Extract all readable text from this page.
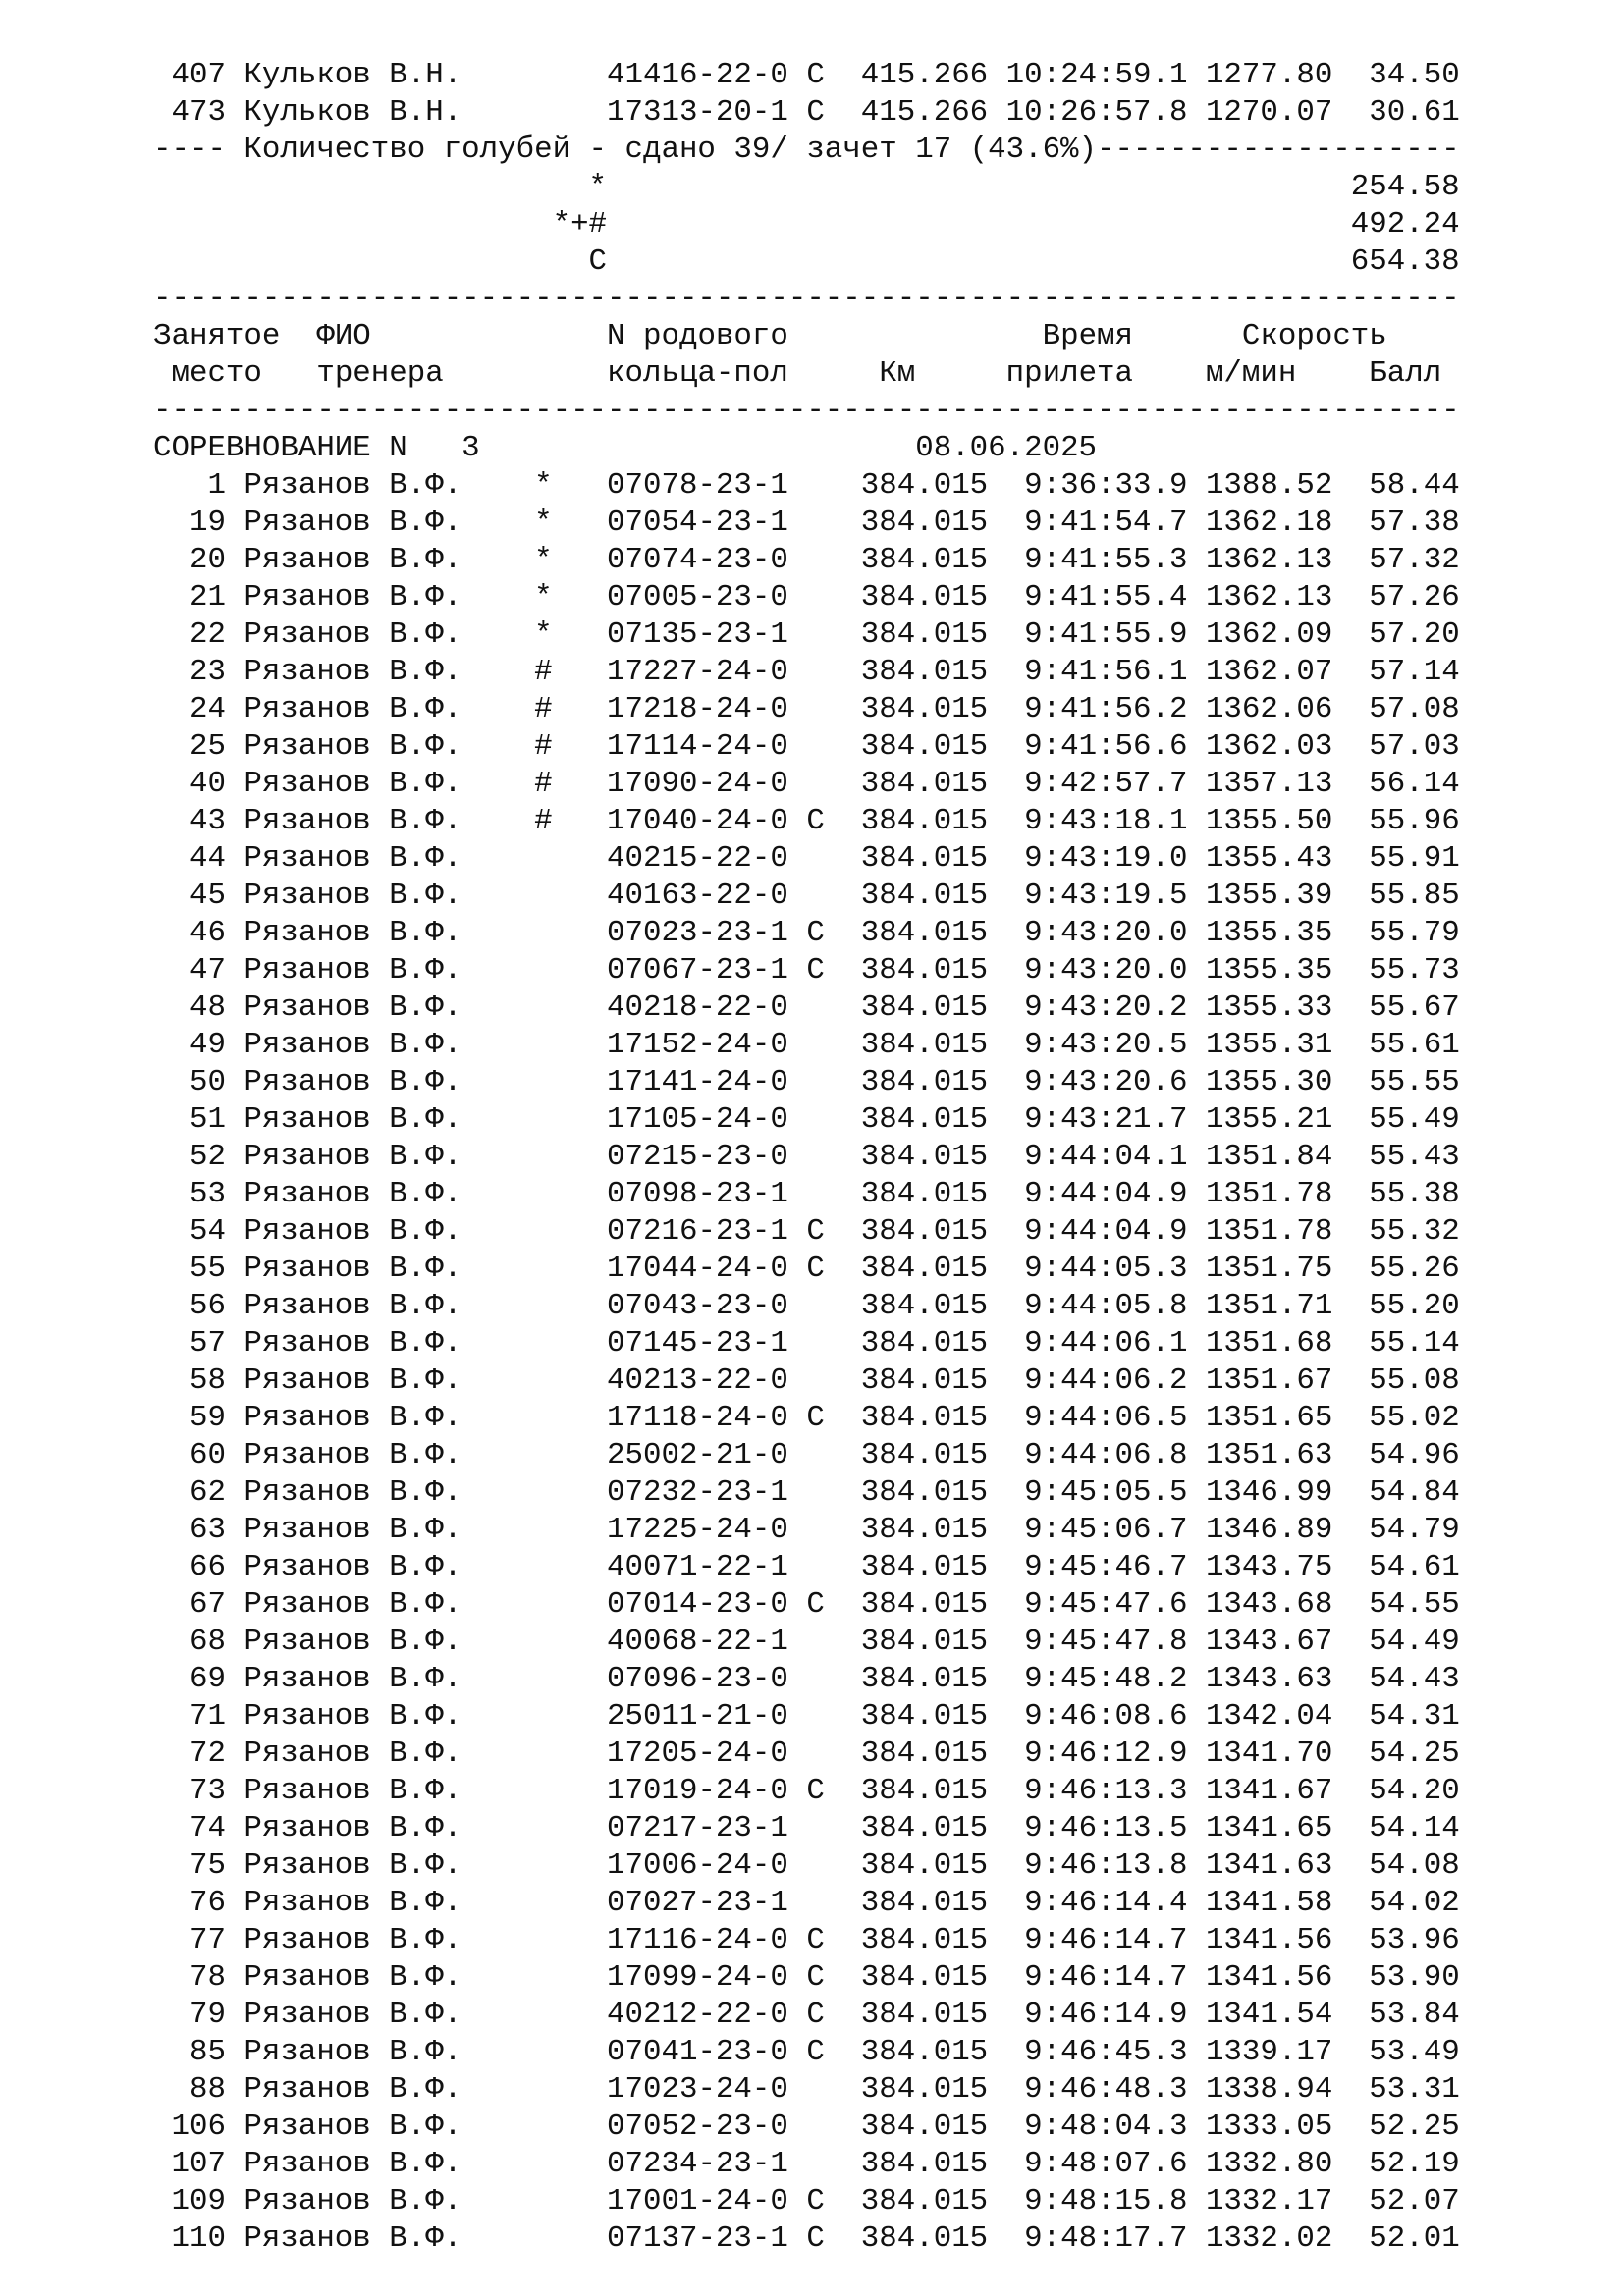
407 Кульков В.Н.        41416-22-0 C  415.266 10:24:59.1 1277.80  34.50
473 Кульков В.Н.        17313-20-1 C  415.266 10:26:57.8 1270.07  30.61
---- Количество голубей - сдано 39/ зачет 17 (43.6%)--------------------
*                                         254.58
*+#                                         492.24
C                                         654.38
------------------------------------------------------------------------
Занятое  ФИО             N родового	Время      Скорость
место   тренера         кольца-пол     Км     прилета    м/мин    Балл
------------------------------------------------------------------------
СОРЕВНОВАНИЕ N   3                        08.06.2025
1 Рязанов В.Ф.    *   07078-23-1    384.015  9:36:33.9 1388.52  58.44
19 Рязанов В.Ф.    *   07054-23-1    384.015  9:41:54.7 1362.18  57.38
20 Рязанов В.Ф.    *   07074-23-0    384.015  9:41:55.3 1362.13  57.32
21 Рязанов В.Ф.    *   07005-23-0    384.015  9:41:55.4 1362.13  57.26
22 Рязанов В.Ф.    *   07135-23-1    384.015  9:41:55.9 1362.09  57.20
23 Рязанов В.Ф.    #   17227-24-0    384.015  9:41:56.1 1362.07  57.14
24 Рязанов В.Ф.    #   17218-24-0    384.015  9:41:56.2 1362.06  57.08
25 Рязанов В.Ф.    #   17114-24-0    384.015  9:41:56.6 1362.03  57.03
40 Рязанов В.Ф.    #   17090-24-0    384.015  9:42:57.7 1357.13  56.14
43 Рязанов В.Ф.    #   17040-24-0 C  384.015  9:43:18.1 1355.50  55.96
44 Рязанов В.Ф.        40215-22-0    384.015  9:43:19.0 1355.43  55.91
45 Рязанов В.Ф.        40163-22-0    384.015  9:43:19.5 1355.39  55.85
46 Рязанов В.Ф.        07023-23-1 C  384.015  9:43:20.0 1355.35  55.79
47 Рязанов В.Ф.        07067-23-1 C  384.015  9:43:20.0 1355.35  55.73
48 Рязанов В.Ф.        40218-22-0    384.015  9:43:20.2 1355.33  55.67
49 Рязанов В.Ф.        17152-24-0    384.015  9:43:20.5 1355.31  55.61
50 Рязанов В.Ф.        17141-24-0    384.015  9:43:20.6 1355.30  55.55
51 Рязанов В.Ф.        17105-24-0    384.015  9:43:21.7 1355.21  55.49
52 Рязанов В.Ф.        07215-23-0    384.015  9:44:04.1 1351.84  55.43
53 Рязанов В.Ф.        07098-23-1    384.015  9:44:04.9 1351.78  55.38
54 Рязанов В.Ф.        07216-23-1 C  384.015  9:44:04.9 1351.78  55.32
55 Рязанов В.Ф.        17044-24-0 C  384.015  9:44:05.3 1351.75  55.26
56 Рязанов В.Ф.        07043-23-0    384.015  9:44:05.8 1351.71  55.20
57 Рязанов В.Ф.        07145-23-1    384.015  9:44:06.1 1351.68  55.14
58 Рязанов В.Ф.        40213-22-0    384.015  9:44:06.2 1351.67  55.08
59 Рязанов В.Ф.        17118-24-0 C  384.015  9:44:06.5 1351.65  55.02
60 Рязанов В.Ф.        25002-21-0    384.015  9:44:06.8 1351.63  54.96
62 Рязанов В.Ф.        07232-23-1    384.015  9:45:05.5 1346.99  54.84
63 Рязанов В.Ф.        17225-24-0    384.015  9:45:06.7 1346.89  54.79
66 Рязанов В.Ф.        40071-22-1    384.015  9:45:46.7 1343.75  54.61
67 Рязанов В.Ф.        07014-23-0 C  384.015  9:45:47.6 1343.68  54.55
68 Рязанов В.Ф.        40068-22-1    384.015  9:45:47.8 1343.67  54.49
69 Рязанов В.Ф.        07096-23-0    384.015  9:45:48.2 1343.63  54.43
71 Рязанов В.Ф.        25011-21-0    384.015  9:46:08.6 1342.04  54.31
72 Рязанов В.Ф.        17205-24-0    384.015  9:46:12.9 1341.70  54.25
73 Рязанов В.Ф.        17019-24-0 C  384.015  9:46:13.3 1341.67  54.20
74 Рязанов В.Ф.        07217-23-1    384.015  9:46:13.5 1341.65  54.14
75 Рязанов В.Ф.        17006-24-0    384.015  9:46:13.8 1341.63  54.08
76 Рязанов В.Ф.        07027-23-1    384.015  9:46:14.4 1341.58  54.02
77 Рязанов В.Ф.        17116-24-0 C  384.015  9:46:14.7 1341.56  53.96
78 Рязанов В.Ф.        17099-24-0 C  384.015  9:46:14.7 1341.56  53.90
79 Рязанов В.Ф.        40212-22-0 C  384.015  9:46:14.9 1341.54  53.84
85 Рязанов В.Ф.        07041-23-0 C  384.015  9:46:45.3 1339.17  53.49
88 Рязанов В.Ф.        17023-24-0    384.015  9:46:48.3 1338.94  53.31
106 Рязанов В.Ф.        07052-23-0    384.015  9:48:04.3 1333.05  52.25
107 Рязанов В.Ф.        07234-23-1    384.015  9:48:07.6 1332.80  52.19
109 Рязанов В.Ф.        17001-24-0 C  384.015  9:48:15.8 1332.17  52.07
110 Рязанов В.Ф.        07137-23-1 C  384.015  9:48:17.7 1332.02  52.01
